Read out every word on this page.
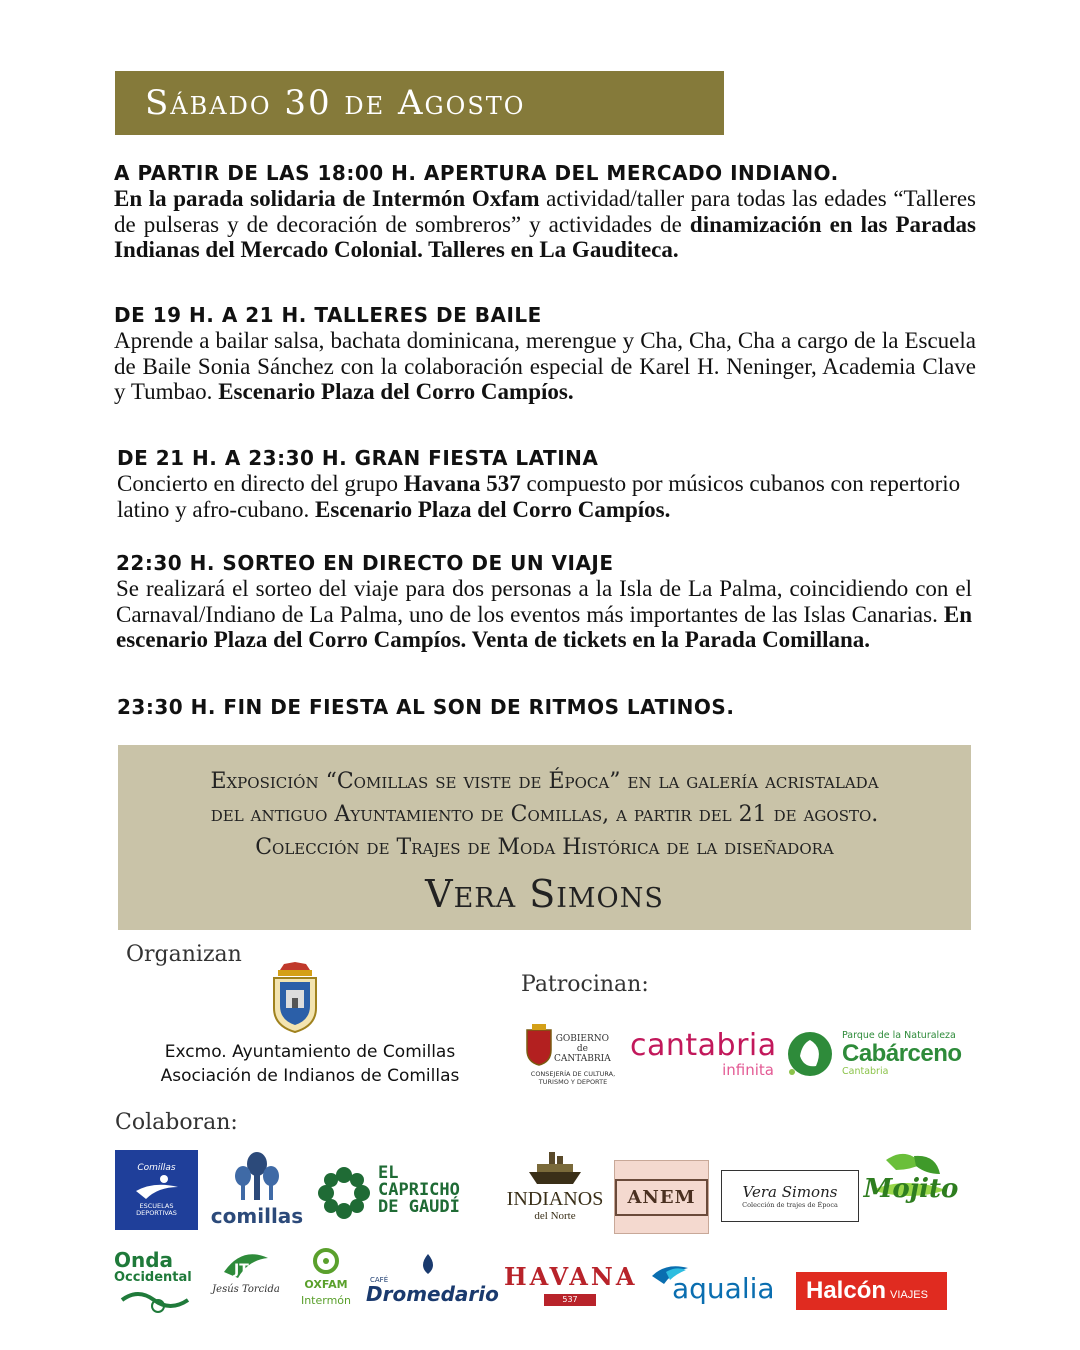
Sábado 30 de Agosto
A PARTIR DE LAS 18:00 H. APERTURA DEL MERCADO INDIANO.
En la parada solidaria de Intermón Oxfam actividad/taller para todas las edades “Talleres de pulseras y de decoración de sombreros” y actividades de dinamización en las Paradas Indianas del Mercado Colonial. Talleres en La Gauditeca.
DE 19 H. A 21 H. TALLERES DE BAILE
Aprende a bailar salsa, bachata dominicana, merengue y Cha, Cha, Cha a cargo de la Escuela de Baile Sonia Sánchez con la colaboración especial de Karel H. Neninger, Academia Clave y Tumbao. Escenario Plaza del Corro Campíos.
DE 21 H. A 23:30 H. GRAN FIESTA LATINA
Concierto en directo del grupo Havana 537 compuesto por músicos cubanos con repertorio latino y afro-cubano. Escenario Plaza del Corro Campíos.
22:30 H. SORTEO EN DIRECTO DE UN VIAJE
Se realizará el sorteo del viaje para dos personas a la Isla de La Palma, coincidiendo con el Carnaval/Indiano de La Palma, uno de los eventos más importantes de las Islas Canarias. En escenario Plaza del Corro Campíos. Venta de tickets en la Parada Comillana.
23:30 H. FIN DE FIESTA AL SON DE RITMOS LATINOS.
Exposición “Comillas se viste de Época” en la galería acristalada
del antiguo Ayuntamiento de Comillas, a partir del 21 de agosto.
Colección de Trajes de Moda Histórica de la diseñadora
Vera Simons
Organizan
Excmo. Ayuntamiento de Comillas
Asociación de Indianos de Comillas
Patrocinan:
GOBIERNO
de
CANTABRIA
CONSEJERÍA DE CULTURA,
TURISMO Y DEPORTE
cantabria
infinita
Parque de la Naturaleza
Cabárceno
Cantabria
Colaboran:
Comillas
ESCUELAS
DEPORTIVAS	comillas
EL
CAPRICHO
DE GAUDÍ INDIANOS
del Norte
ANEM	Vera Simons
Colección de trajes de Época
Mojito
Onda
Occidental	JT
Jesús Torcida	OXFAM
Intermón
CAFÉ
Dromedario
HAVANA
537	aqualia Halcón VIAJES
